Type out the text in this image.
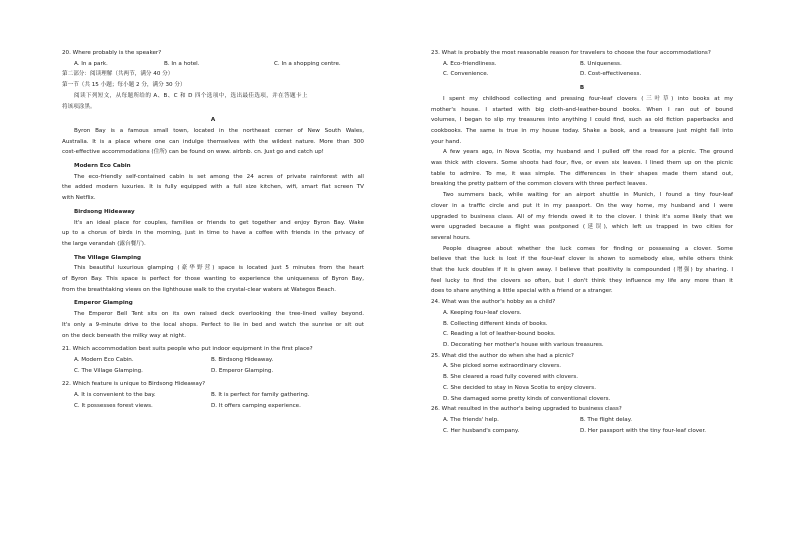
20. Where probably is the speaker?
A. In a park.	B. In a hotel.	C. In a shopping centre.
第二部分：阅读理解（共两节，满分 40 分）
第一节（共 15 小题；每小题 2 分，满分 30 分）
阅读下列短文，从每题所给的 A、B、C 和 D 四个选项中，选出最佳选项，并在答题卡上
将该项涂黑。
A
Byron Bay is a famous small town, located in the northeast corner of New South Wales,
Australia. It is a place where one can indulge themselves with the wildest nature. More than 300
cost-effective accommodations (住所) can be found on www. airbnb. cn. Just go and catch up!
Modern Eco Cabin
The eco-friendly self-contained cabin is set among the 24 acres of private rainforest with all
the added modern luxuries. It is fully equipped with a full size kitchen, wifi, smart flat screen TV
with Netflix.
Birdsong Hideaway
It's an ideal place for couples, families or friends to get together and enjoy Byron Bay. Wake
up to a chorus of birds in the morning, just in time to have a coffee with friends in the privacy of
the large verandah (露台餐厅).
The Village Glamping
This beautiful luxurious glamping (豪华野营) space is located just 5 minutes from the heart
of Byron Bay. This space is perfect for those wanting to experience the uniqueness of Byron Bay,
from the breathtaking views on the lighthouse walk to the crystal-clear waters at Wategos Beach.
Emperor Glamping
The Emperor Bell Tent sits on its own raised deck overlooking the tree-lined valley beyond.
It's only a 9-minute drive to the local shops. Perfect to lie in bed and watch the sunrise or sit out
on the deck beneath the milky way at night.
21. Which accommodation best suits people who put indoor equipment in the first place?
A. Modern Eco Cabin.	B. Birdsong Hideaway.
C. The Village Glamping.	D. Emperor Glamping.
22. Which feature is unique to Birdsong Hideaway?
A. It is convenient to the bay.	B. It is perfect for family gathering.
C. It possesses forest views.	D. It offers camping experience.
23. What is probably the most reasonable reason for travelers to choose the four accommodations?
A. Eco-friendliness.	B. Uniqueness.
C. Convenience.	D. Cost-effectiveness.
B
I spent my childhood collecting and pressing four-leaf clovers (三叶草) into books at my
mother's house. I started with big cloth-and-leather-bound books. When I ran out of bound
volumes, I began to slip my treasures into anything I could find, such as old fiction paperbacks and
cookbooks. The same is true in my house today. Shake a book, and a treasure just might fall into
your hand.
A few years ago, in Nova Scotia, my husband and I pulled off the road for a picnic. The ground
was thick with clovers. Some shoots had four, five, or even six leaves. I lined them up on the picnic
table to admire. To me, it was simple. The differences in their shapes made them stand out,
breaking the pretty pattern of the common clovers with three perfect leaves.
Two summers back, while waiting for an airport shuttle in Munich, I found a tiny four-leaf
clover in a traffic circle and put it in my passport. On the way home, my husband and I were
upgraded to business class. All of my friends owed it to the clover. I think it's some likely that we
were upgraded because a flight was postponed (延误), which left us trapped in two cities for
several hours.
People disagree about whether the luck comes for finding or possessing a clover. Some
believe that the luck is lost if the four-leaf clover is shown to somebody else, while others think
that the luck doubles if it is given away. I believe that positivity is compounded (增强) by sharing. I
feel lucky to find the clovers so often, but I don't think they influence my life any more than it
does to share anything a little special with a friend or a stranger.
24. What was the author's hobby as a child?
A. Keeping four-leaf clovers.
B. Collecting different kinds of books.
C. Reading a lot of leather-bound books.
D. Decorating her mother's house with various treasures.
25. What did the author do when she had a picnic?
A. She picked some extraordinary clovers.
B. She cleared a road fully covered with clovers.
C. She decided to stay in Nova Scotia to enjoy clovers.
D. She damaged some pretty kinds of conventional clovers.
26. What resulted in the author's being upgraded to business class?
A. The friends' help.	B. The flight delay.
C. Her husband's company.	D. Her passport with the tiny four-leaf clover.
